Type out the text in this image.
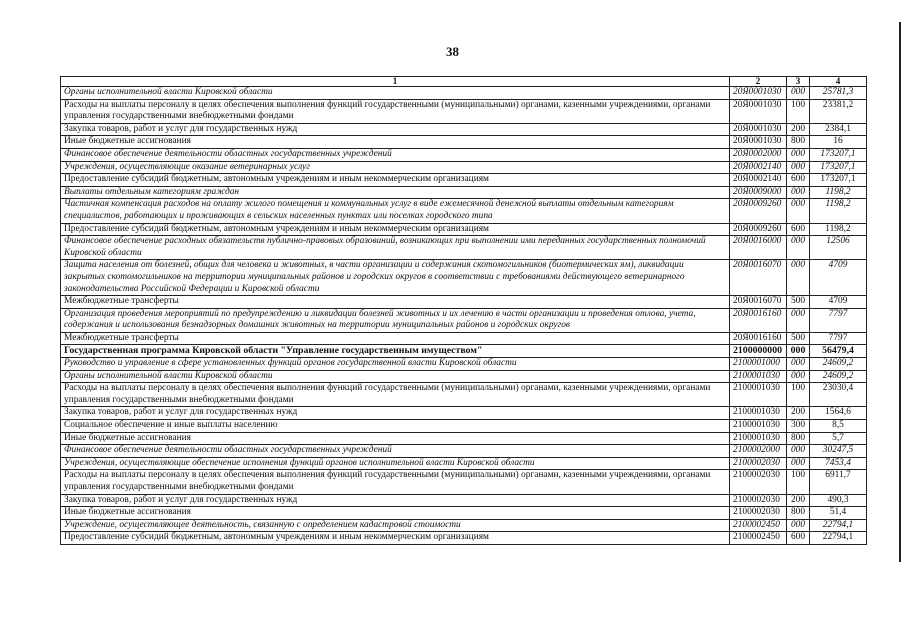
38
1	2	3	4
Органы исполнительной власти Кировской области	20Я0001030	000	25781,3
Расходы на выплаты персоналу в целях обеспечения выполнения функций государственными (муниципальными) органами, казенными учреждениями, органами управления государственными внебюджетными фондами	20Я0001030	100	23381,2
Закупка товаров, работ и услуг для государственных нужд	20Я0001030	200	2384,1
Иные бюджетные ассигнования	20Я0001030	800	16
Финансовое обеспечение деятельности областных государственных учреждений	20Я0002000	000	173207,1
Учреждения, осуществляющие оказание ветеринарных услуг	20Я0002140	000	173207,1
Предоставление субсидий бюджетным, автономным учреждениям и иным некоммерческим организациям	20Я0002140	600	173207,1
Выплаты отдельным категориям граждан	20Я0009000	000	1198,2
Частичная компенсация расходов на оплату жилого помещения и коммунальных услуг в виде ежемесячной денежной выплаты отдельным категориям специалистов, работающих и проживающих в сельских населенных пунктах или поселках городского типа	20Я0009260	000	1198,2
Предоставление субсидий бюджетным, автономным учреждениям и иным некоммерческим организациям	20Я0009260	600	1198,2
Финансовое обеспечение расходных обязательств публично-правовых образований, возникающих при выполнении ими переданных государственных полномочий Кировской области	20Я0016000	000	12506
Защита населения от болезней, общих для человека и животных, в части организации и содержания скотомогильников (биотермических ям), ликвидации закрытых скотомогильников на территории муниципальных районов и городских округов в соответствии с требованиями действующего ветеринарного законодательства Российской Федерации и Кировской области	20Я0016070	000	4709
Межбюджетные трансферты	20Я0016070	500	4709
Организация проведения мероприятий по предупреждению и ликвидации болезней животных и их лечению в части организации и проведения отлова, учета, содержания и использования безнадзорных домашних животных на территории муниципальных районов и городских округов	20Я0016160	000	7797
Межбюджетные трансферты	20Я0016160	500	7797
Государственная программа Кировской области "Управление государственным имуществом"	2100000000	000	56479,4
Руководство и управление в сфере установленных функций органов государственной власти Кировской области	2100001000	000	24609,2
Органы исполнительной власти Кировской области	2100001030	000	24609,2
Расходы на выплаты персоналу в целях обеспечения выполнения функций государственными (муниципальными) органами, казенными учреждениями, органами управления государственными внебюджетными фондами	2100001030	100	23030,4
Закупка товаров, работ и услуг для государственных нужд	2100001030	200	1564,6
Социальное обеспечение и иные выплаты населению	2100001030	300	8,5
Иные бюджетные ассигнования	2100001030	800	5,7
Финансовое обеспечение деятельности областных государственных учреждений	2100002000	000	30247,5
Учреждения, осуществляющие обеспечение исполнения функций органов исполнительной власти Кировской области	2100002030	000	7453,4
Расходы на выплаты персоналу в целях обеспечения выполнения функций государственными (муниципальными) органами, казенными учреждениями, органами управления государственными внебюджетными фондами	2100002030	100	6911,7
Закупка товаров, работ и услуг для государственных нужд	2100002030	200	490,3
Иные бюджетные ассигнования	2100002030	800	51,4
Учреждение, осуществляющее деятельность, связанную с определением кадастровой стоимости	2100002450	000	22794,1
Предоставление субсидий бюджетным, автономным учреждениям и иным некоммерческим организациям	2100002450	600	22794,1
